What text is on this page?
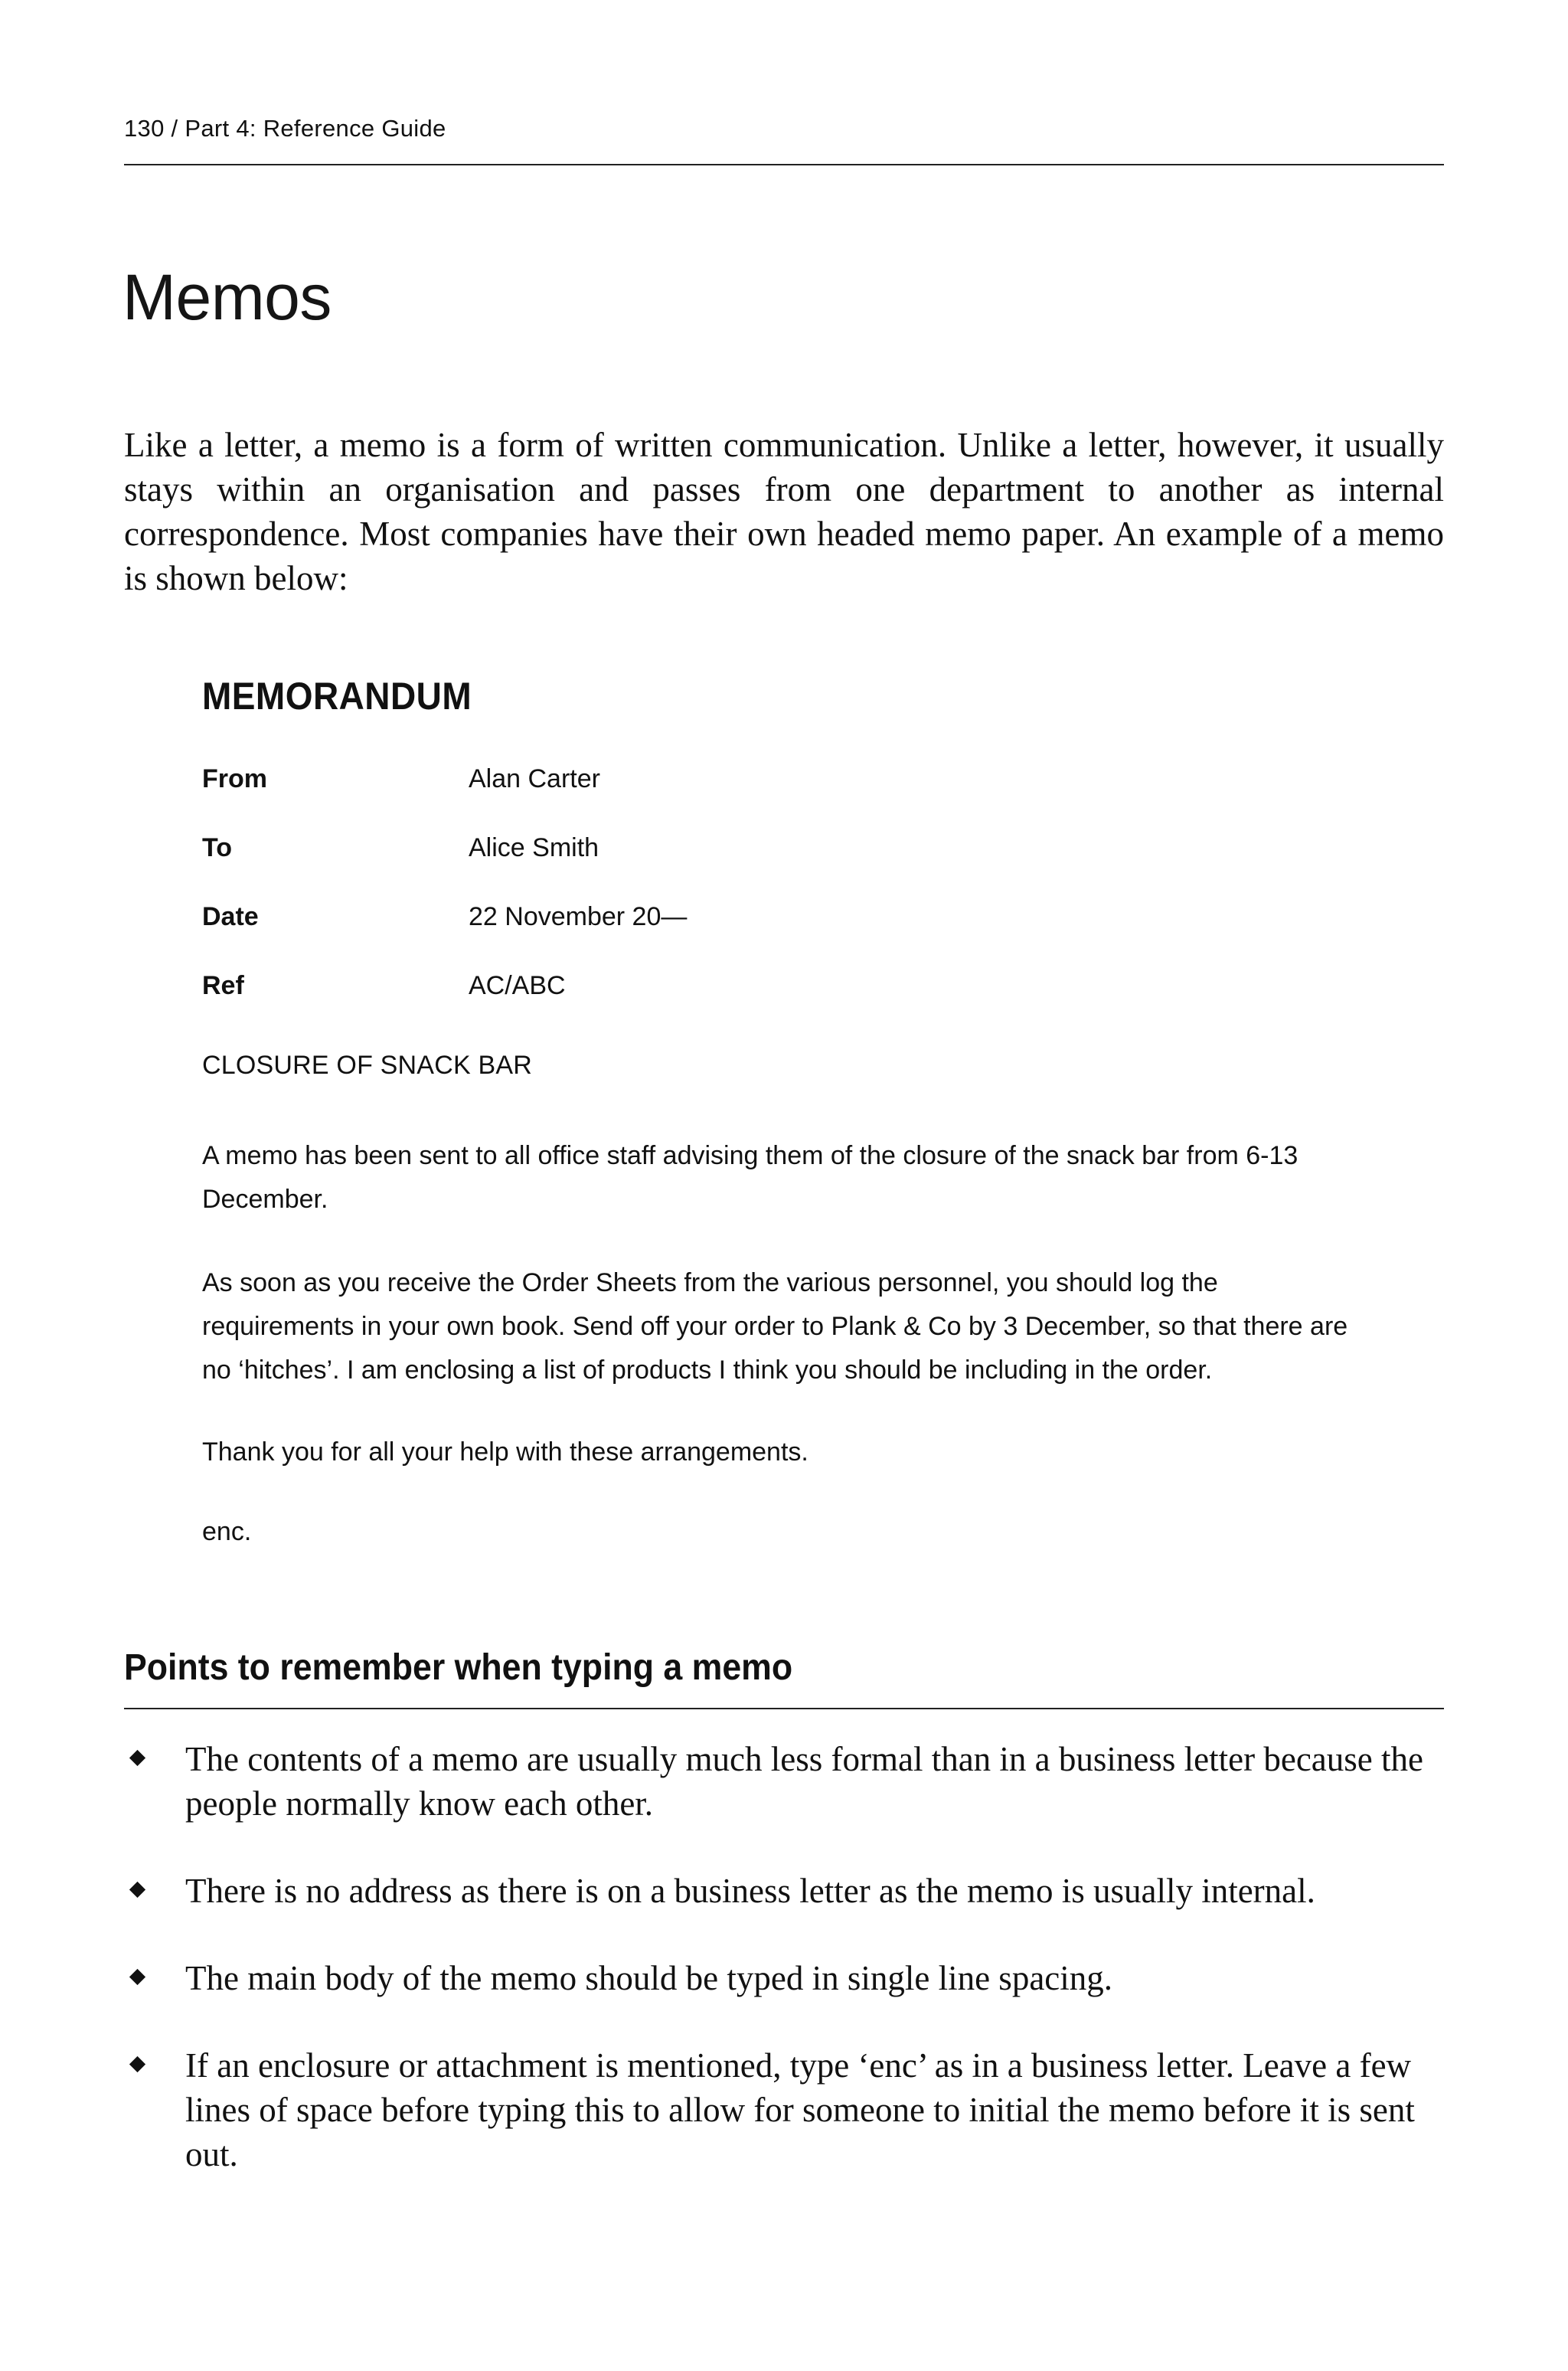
130 / Part 4: Reference Guide
Memos

Like a letter, a memo is a form of written communication. Unlike a letter, however, it usually stays within an organisation and passes from one department to another as internal correspondence. Most companies have their own headed memo paper. An example of a memo is shown below:

MEMORANDUM
From	Alan Carter
To	Alice Smith
Date	22 November 20—
Ref	AC/ABC
CLOSURE OF SNACK BAR

A memo has been sent to all office staff advising them of the closure of the snack bar from 6-13 December.

As soon as you receive the Order Sheets from the various personnel, you should log the requirements in your own book. Send off your order to Plank & Co by 3 December, so that there are no ‘hitches’. I am enclosing a list of products I think you should be including in the order.

Thank you for all your help with these arrangements.

enc.
Points to remember when typing a memo
The contents of a memo are usually much less formal than in a business letter because the people normally know each other.
There is no address as there is on a business letter as the memo is usually internal.
The main body of the memo should be typed in single line spacing.
If an enclosure or attachment is mentioned, type ‘enc’ as in a business letter. Leave a few lines of space before typing this to allow for someone to initial the memo before it is sent out.
